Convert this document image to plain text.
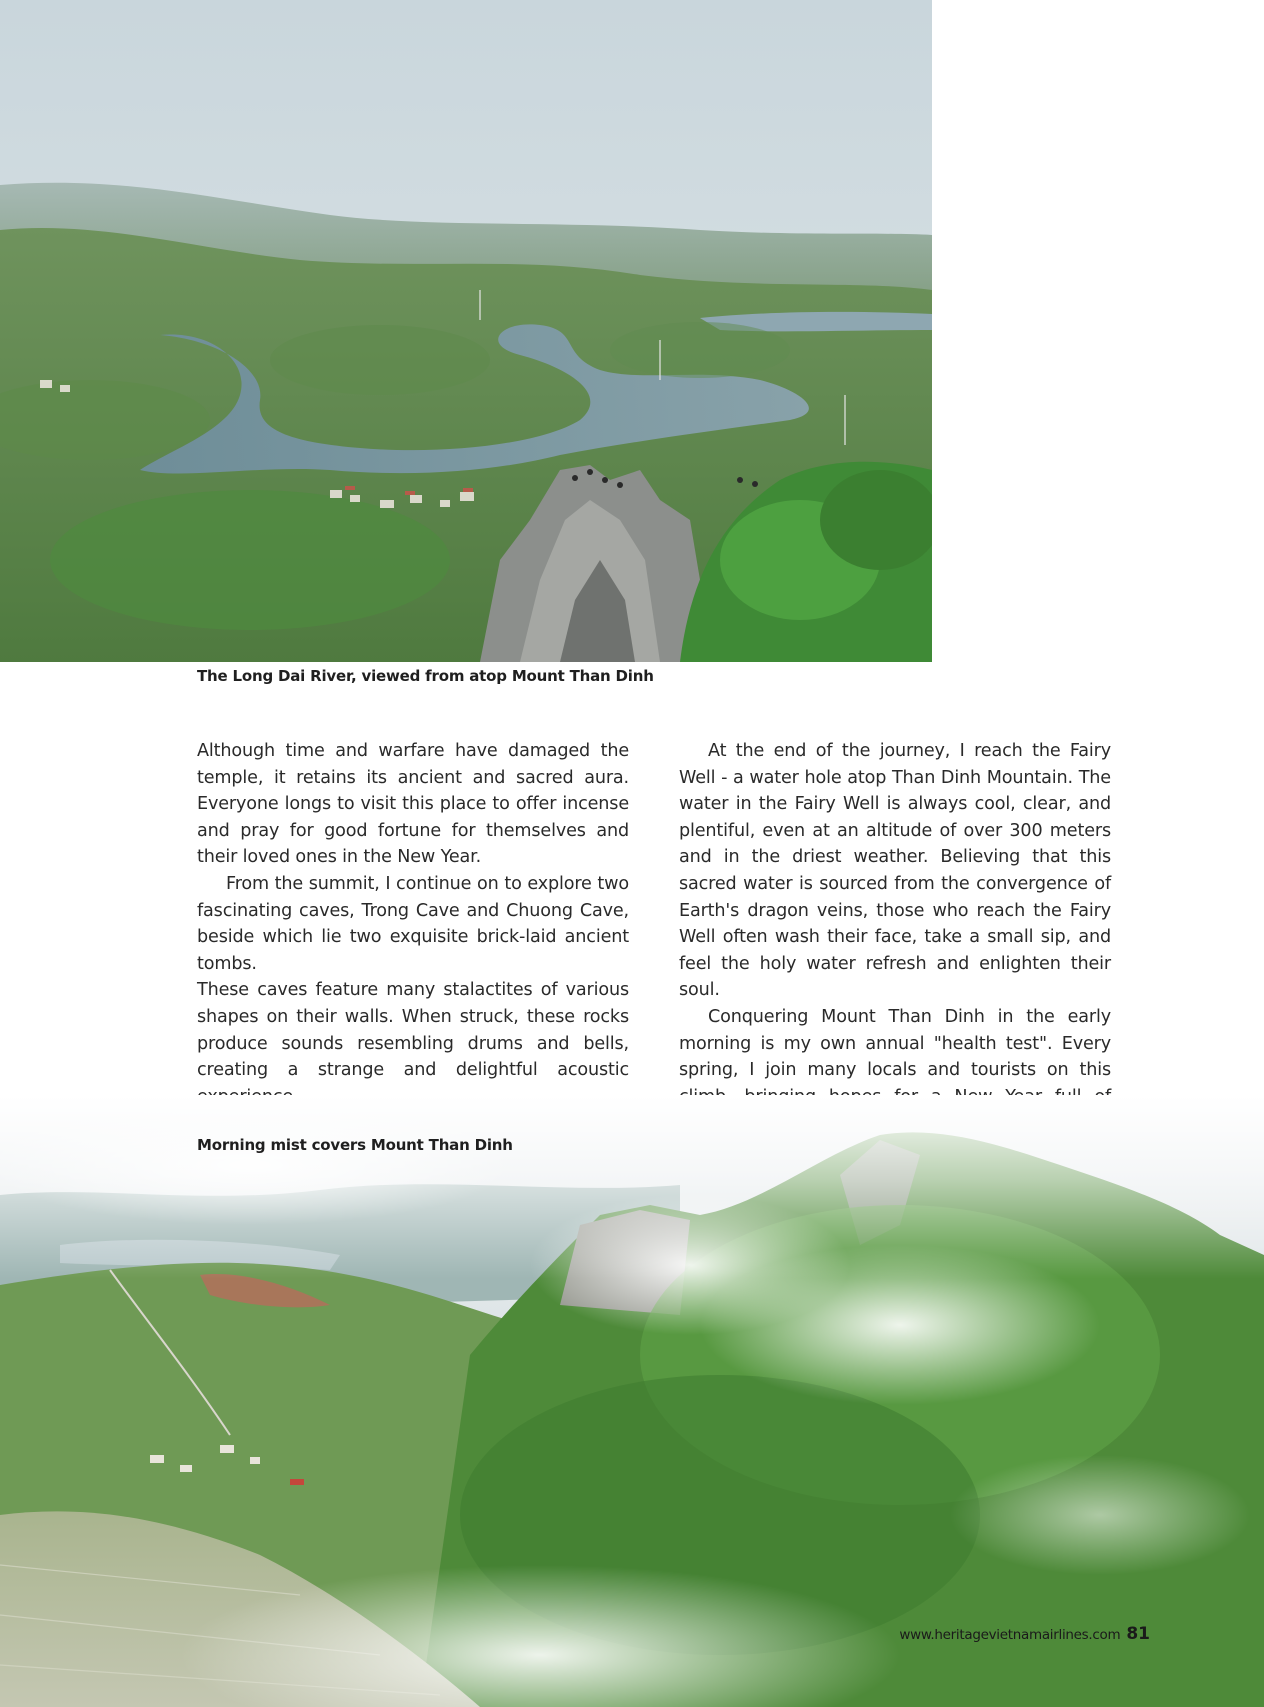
The Long Dai River, viewed from atop Mount Than Dinh

Although time and warfare have damaged the temple, it retains its ancient and sacred aura. Everyone longs to visit this place to offer incense and pray for good fortune for themselves and their loved ones in the New Year.

From the summit, I continue on to explore two fascinating caves, Trong Cave and Chuong Cave, beside which lie two exquisite brick-laid ancient tombs.

These caves feature many stalactites of various shapes on their walls. When struck, these rocks produce sounds resembling drums and bells, creating a strange and delightful acoustic

At the end of the journey, I reach the Fairy Well - a water hole atop Than Dinh Mountain. The water in the Fairy Well is always cool, clear, and plentiful, even at an altitude of over 300 meters and in the driest weather. Believing that this sacred water is sourced from the convergence of Earth's dragon veins, those who reach the Fairy Well often wash their face, take a small sip, and feel the holy water refresh and enlighten their soul.

Conquering Mount Than Dinh in the early morning is my own annual "health test". Every spring, I join many locals and tourists on this

Morning mist covers Mount Than Dinh
www.heritagevietnamairlines.com 81
